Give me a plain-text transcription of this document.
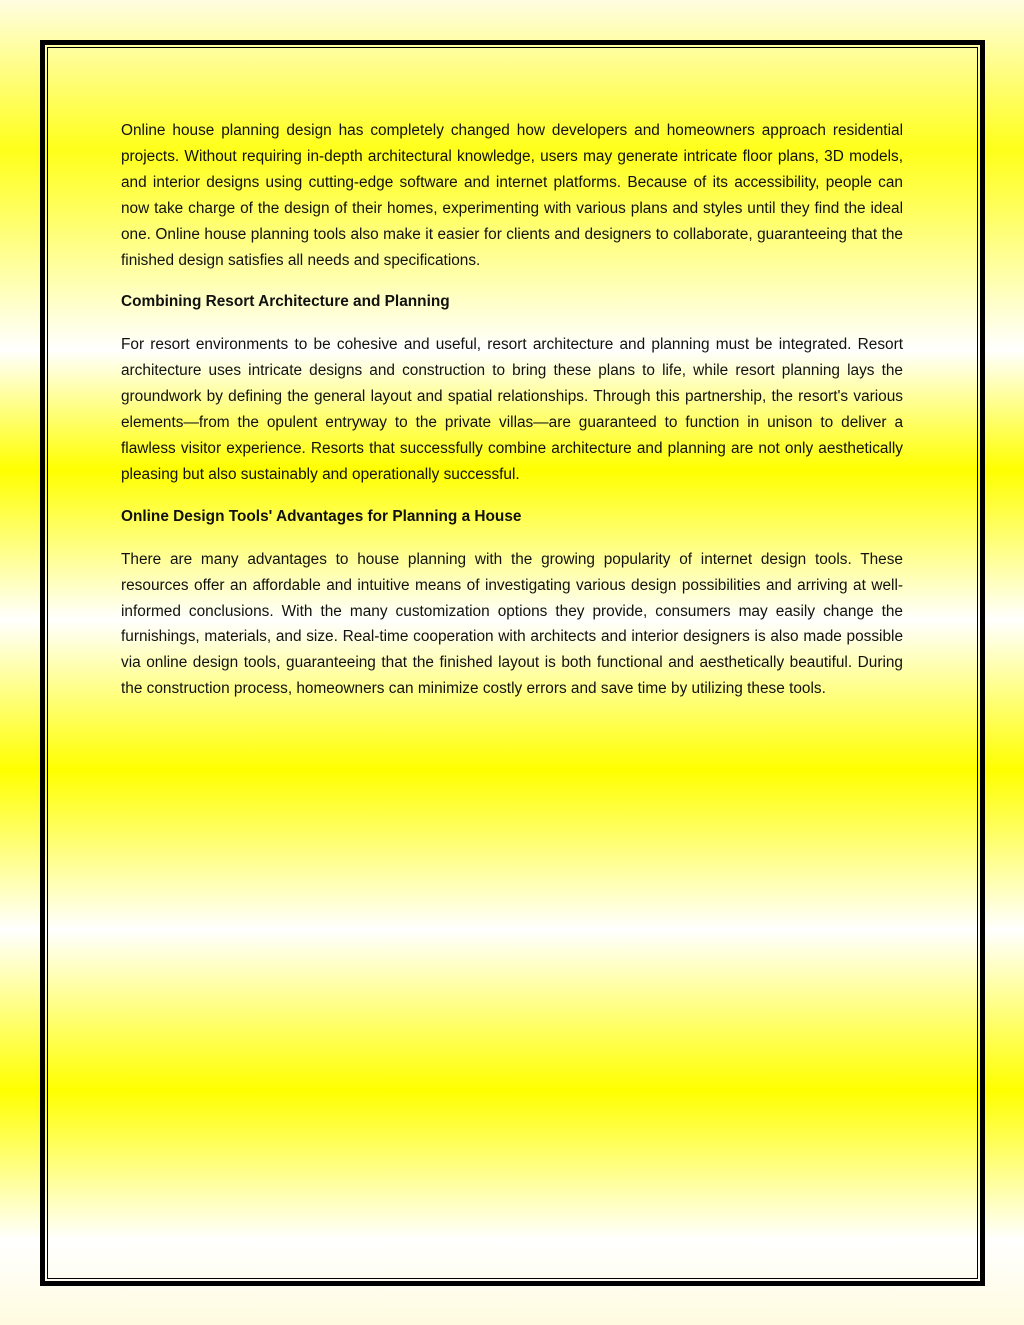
Online house planning design has completely changed how developers and homeowners approach residential projects. Without requiring in-depth architectural knowledge, users may generate intricate floor plans, 3D models, and interior designs using cutting-edge software and internet platforms. Because of its accessibility, people can now take charge of the design of their homes, experimenting with various plans and styles until they find the ideal one. Online house planning tools also make it easier for clients and designers to collaborate, guaranteeing that the finished design satisfies all needs and specifications.

Combining Resort Architecture and Planning

For resort environments to be cohesive and useful, resort architecture and planning must be integrated. Resort architecture uses intricate designs and construction to bring these plans to life, while resort planning lays the groundwork by defining the general layout and spatial relationships. Through this partnership, the resort's various elements—from the opulent entryway to the private villas—are guaranteed to function in unison to deliver a flawless visitor experience. Resorts that successfully combine architecture and planning are not only aesthetically pleasing but also sustainably and operationally successful.

Online Design Tools' Advantages for Planning a House

There are many advantages to house planning with the growing popularity of internet design tools. These resources offer an affordable and intuitive means of investigating various design possibilities and arriving at well-informed conclusions. With the many customization options they provide, consumers may easily change the furnishings, materials, and size. Real-time cooperation with architects and interior designers is also made possible via online design tools, guaranteeing that the finished layout is both functional and aesthetically beautiful. During the construction process, homeowners can minimize costly errors and save time by utilizing these tools.
